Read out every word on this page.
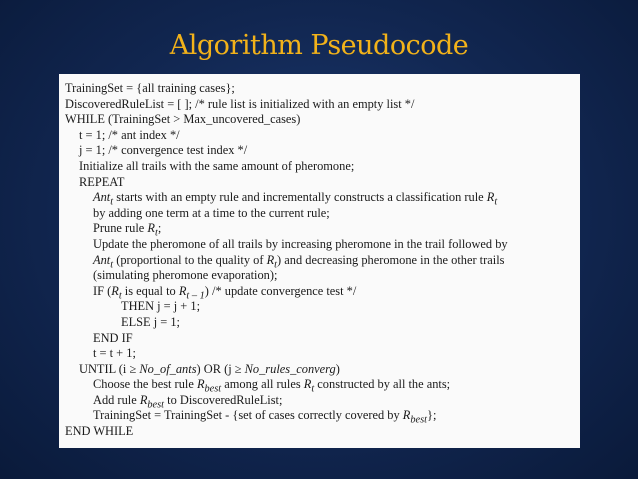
Algorithm Pseudocode
TrainingSet = {all training cases};
DiscoveredRuleList = [ ]; /* rule list is initialized with an empty list */
WHILE (TrainingSet > Max_uncovered_cases)
t = 1; /* ant index */
j = 1; /* convergence test index */
Initialize all trails with the same amount of pheromone;
REPEAT
Ant$_t$ starts with an empty rule and incrementally constructs a classification rule $R_t$
by adding one term at a time to the current rule;
Prune rule $R_t$;
Update the pheromone of all trails by increasing pheromone in the trail followed by
Ant$_t$ (proportional to the quality of $R_t$) and decreasing pheromone in the other trails
(simulating pheromone evaporation);
IF ($R_t$ is equal to $R_{t - 1}$) /* update convergence test */
THEN j = j + 1;
ELSE j = 1;
END IF
t = t + 1;
UNTIL (i ≥ No_of_ants) OR (j ≥ No_rules_converg)
Choose the best rule $R_{best}$ among all rules $R_t$ constructed by all the ants;
Add rule $R_{best}$ to DiscoveredRuleList;
TrainingSet = TrainingSet - {set of cases correctly covered by $R_{best}$};
END WHILE
